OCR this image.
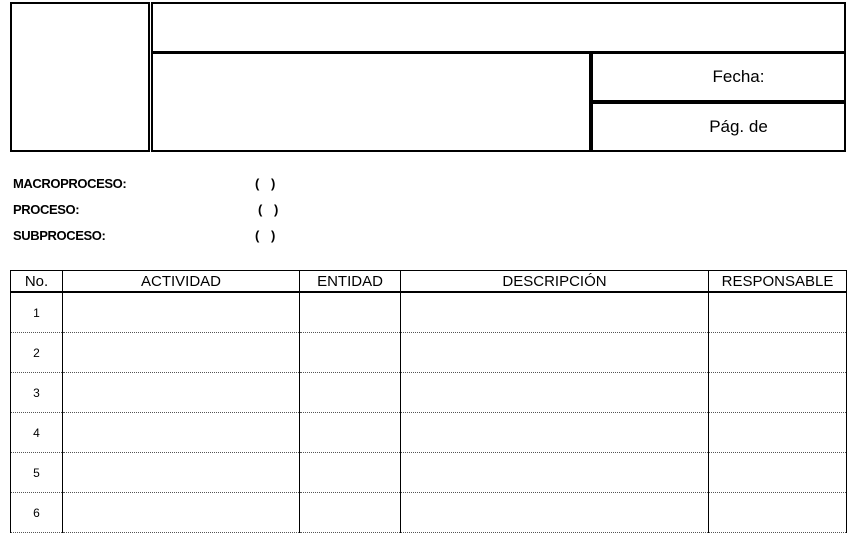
Fecha:
Pág. de
MACROPROCESO:	( )
PROCESO:	( )
SUBPROCESO:	( )
No.	ACTIVIDAD	ENTIDAD	DESCRIPCIÓN	RESPONSABLE
1				
2				
3				
4				
5				
6				
